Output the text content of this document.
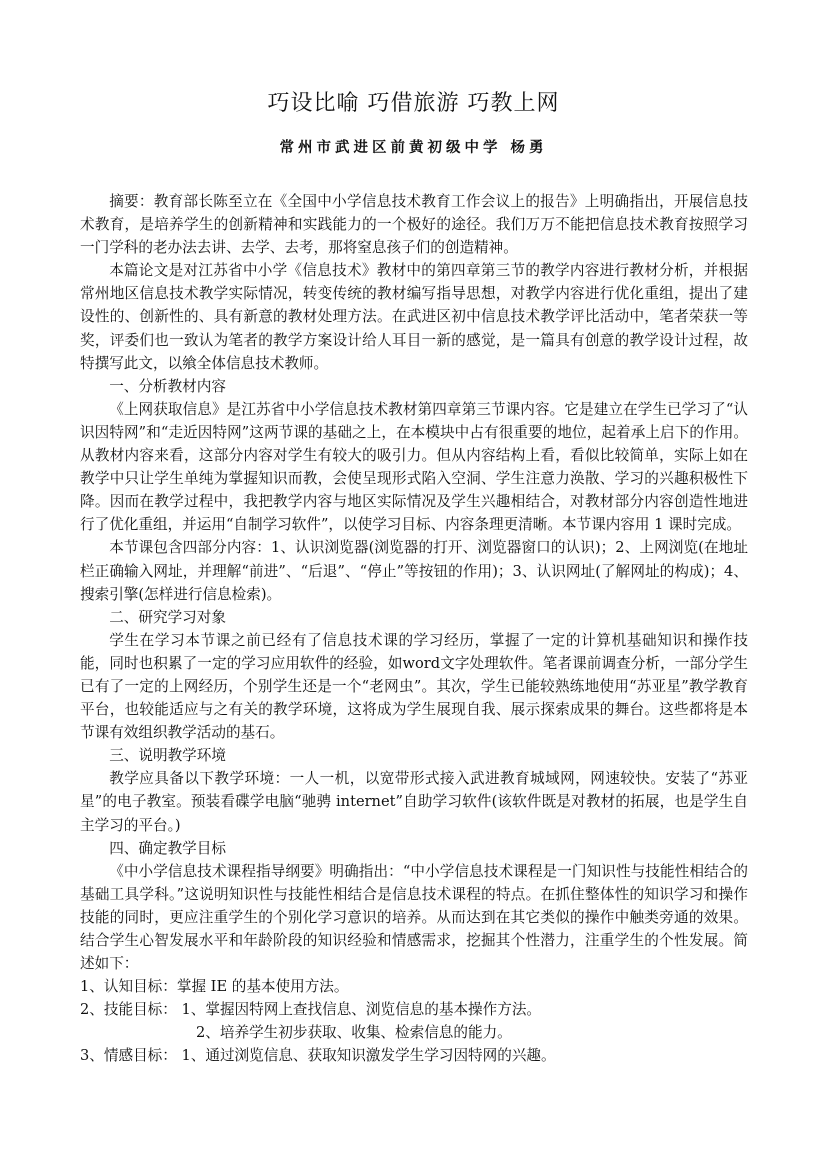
巧设比喻 巧借旅游 巧教上网
常州市武进区前黄初级中学 杨勇

摘要：教育部长陈至立在《全国中小学信息技术教育工作会议上的报告》上明确指出，开展信息技术教育，是培养学生的创新精神和实践能力的一个极好的途径。我们万万不能把信息技术教育按照学习一门学科的老办法去讲、去学、去考，那将窒息孩子们的创造精神。

本篇论文是对江苏省中小学《信息技术》教材中的第四章第三节的教学内容进行教材分析，并根据常州地区信息技术教学实际情况，转变传统的教材编写指导思想，对教学内容进行优化重组，提出了建设性的、创新性的、具有新意的教材处理方法。在武进区初中信息技术教学评比活动中，笔者荣获一等奖，评委们也一致认为笔者的教学方案设计给人耳目一新的感觉，是一篇具有创意的教学设计过程，故特撰写此文，以飨全体信息技术教师。

一、分析教材内容

《上网获取信息》是江苏省中小学信息技术教材第四章第三节课内容。它是建立在学生已学习了“认识因特网”和“走近因特网”这两节课的基础之上，在本模块中占有很重要的地位，起着承上启下的作用。从教材内容来看，这部分内容对学生有较大的吸引力。但从内容结构上看，看似比较简单，实际上如在教学中只让学生单纯为掌握知识而教，会使呈现形式陷入空洞、学生注意力涣散、学习的兴趣积极性下降。因而在教学过程中，我把教学内容与地区实际情况及学生兴趣相结合，对教材部分内容创造性地进行了优化重组，并运用“自制学习软件”，以使学习目标、内容条理更清晰。本节课内容用 1 课时完成。

本节课包含四部分内容：1、认识浏览器(浏览器的打开、浏览器窗口的认识)；2、上网浏览(在地址栏正确输入网址，并理解“前进”、“后退”、“停止”等按钮的作用)；3、认识网址(了解网址的构成)；4、搜索引擎(怎样进行信息检索)。

二、研究学习对象

学生在学习本节课之前已经有了信息技术课的学习经历，掌握了一定的计算机基础知识和操作技能，同时也积累了一定的学习应用软件的经验，如word文字处理软件。笔者课前调查分析，一部分学生已有了一定的上网经历，个别学生还是一个“老网虫”。其次，学生已能较熟练地使用“苏亚星”教学教育平台，也较能适应与之有关的教学环境，这将成为学生展现自我、展示探索成果的舞台。这些都将是本节课有效组织教学活动的基石。

三、说明教学环境

教学应具备以下教学环境：一人一机，以宽带形式接入武进教育城域网，网速较快。安装了“苏亚星”的电子教室。预装看碟学电脑“驰骋 internet”自助学习软件(该软件既是对教材的拓展，也是学生自主学习的平台。)

四、确定教学目标

《中小学信息技术课程指导纲要》明确指出：“中小学信息技术课程是一门知识性与技能性相结合的基础工具学科。”这说明知识性与技能性相结合是信息技术课程的特点。在抓住整体性的知识学习和操作技能的同时，更应注重学生的个别化学习意识的培养。从而达到在其它类似的操作中触类旁通的效果。结合学生心智发展水平和年龄阶段的知识经验和情感需求，挖掘其个性潜力，注重学生的个性发展。简述如下：

1、认知目标：掌握 IE 的基本使用方法。

2、技能目标： 1、掌握因特网上查找信息、浏览信息的基本操作方法。

2、培养学生初步获取、收集、检索信息的能力。

3、情感目标： 1、通过浏览信息、获取知识激发学生学习因特网的兴趣。
